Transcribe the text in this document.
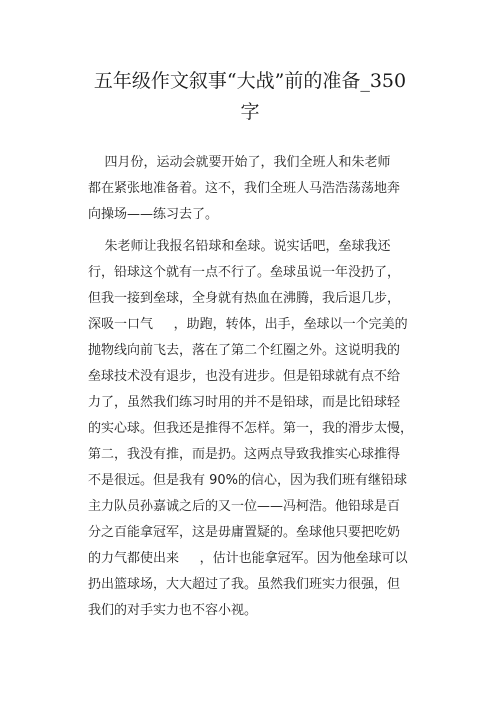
五年级作文叙事“大战”前的准备_350
字
四月份，运动会就要开始了，我们全班人和朱老师
都在紧张地准备着。这不，我们全班人马浩浩荡荡地奔
向操场——练习去了。
朱老师让我报名铅球和垒球。说实话吧，垒球我还
行，铅球这个就有一点不行了。垒球虽说一年没扔了，
但我一接到垒球，全身就有热血在沸腾，我后退几步，
深吸一口气     ，助跑，转体，出手，垒球以一个完美的
抛物线向前飞去，落在了第二个红圈之外。这说明我的
垒球技术没有退步，也没有进步。但是铅球就有点不给
力了，虽然我们练习时用的并不是铅球，而是比铅球轻
的实心球。但我还是推得不怎样。第一，我的滑步太慢，
第二，我没有推，而是扔。这两点导致我推实心球推得
不是很远。但是我有 90%的信心，因为我们班有继铅球
主力队员孙嘉诚之后的又一位——冯柯浩。他铅球是百
分之百能拿冠军，这是毋庸置疑的。垒球他只要把吃奶
的力气都使出来     ，估计也能拿冠军。因为他垒球可以
扔出篮球场，大大超过了我。虽然我们班实力很强，但
我们的对手实力也不容小视。
